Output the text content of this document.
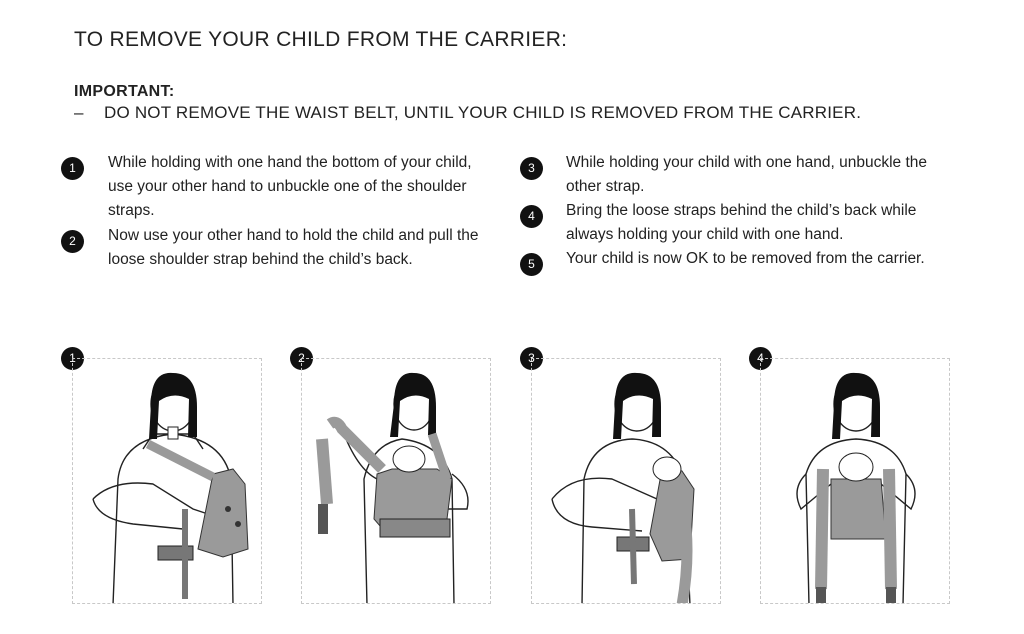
TO REMOVE YOUR CHILD FROM THE CARRIER:
IMPORTANT:
– DO NOT REMOVE THE WAIST BELT, UNTIL YOUR CHILD IS REMOVED FROM THE CARRIER.
1	While holding with one hand the bottom of your child, use your other hand to unbuckle one of the shoulder straps.
2	Now use your other hand to hold the child and pull the loose shoulder strap behind the child’s back.
3	While holding your child with one hand, unbuckle the other strap.
4	Bring the loose straps behind the child’s back while always holding your child with one hand.
5	Your child is now OK to be removed from the carrier.
1	2	3	4
